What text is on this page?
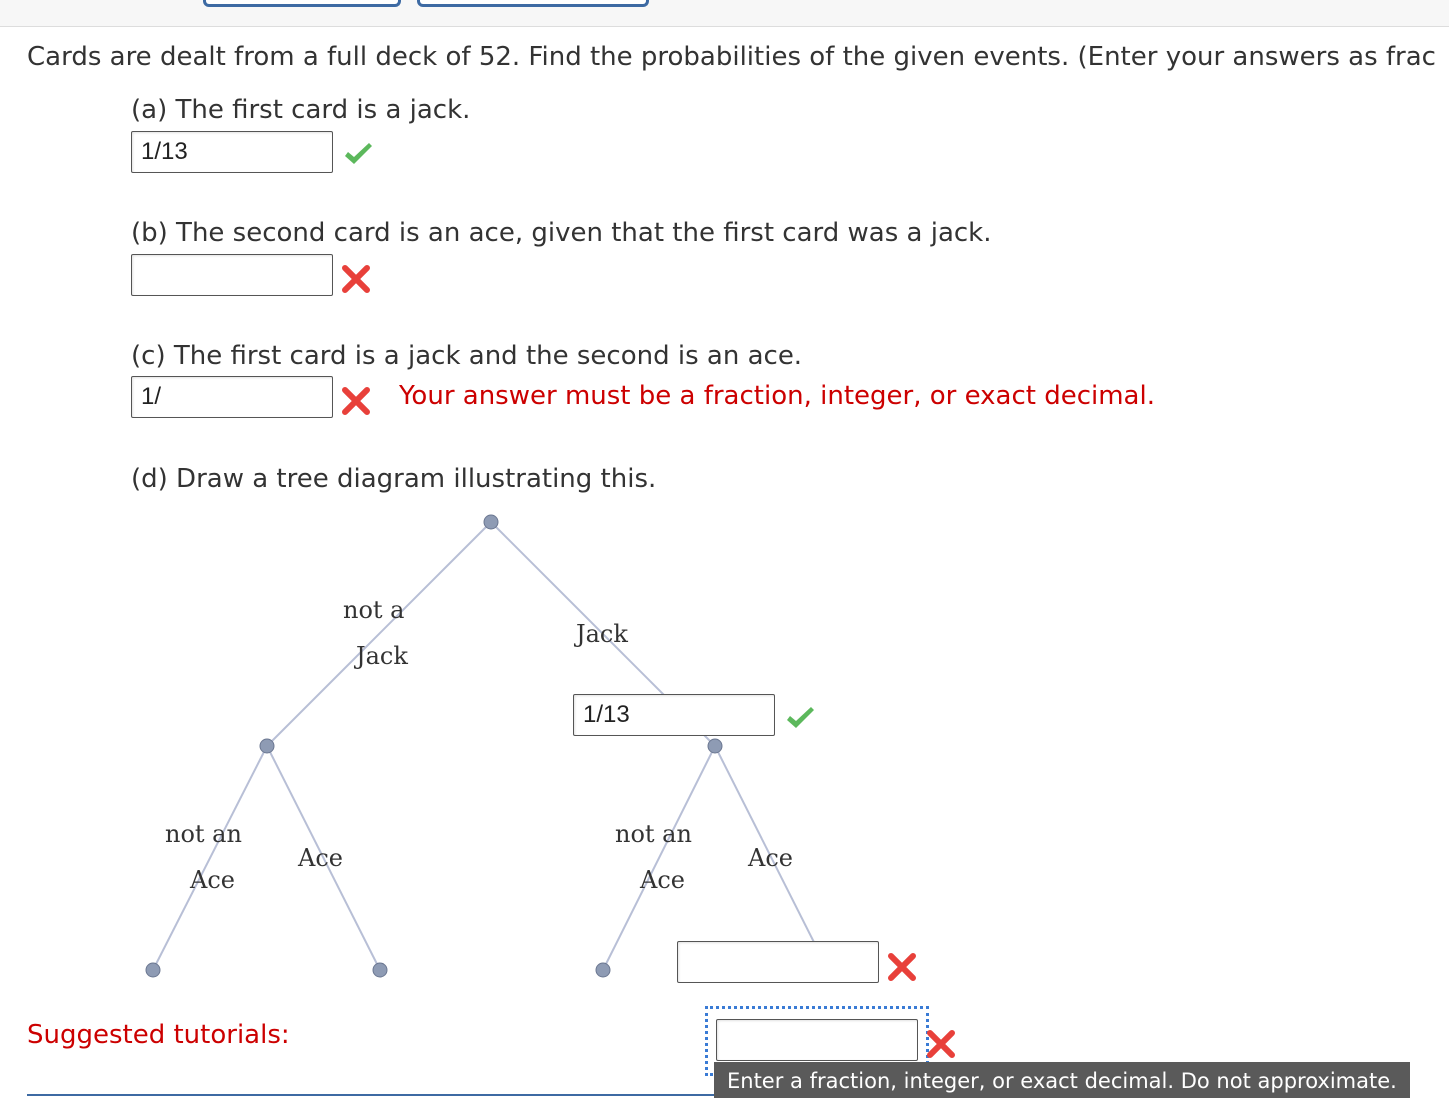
Cards are dealt from a full deck of 52. Find the probabilities of the given events. (Enter your answers as frac
(a) The first card is a jack.
1/13
(b) The second card is an ace, given that the first card was a jack.
(c) The first card is a jack and the second is an ace.
1/	Your answer must be a fraction, integer, or exact decimal.
(d) Draw a tree diagram illustrating this.
not a
Jack
Jack
not an
Ace
Ace
not an
Ace
Ace
1/13
Suggested tutorials:
Enter a fraction, integer, or exact decimal. Do not approximate.
